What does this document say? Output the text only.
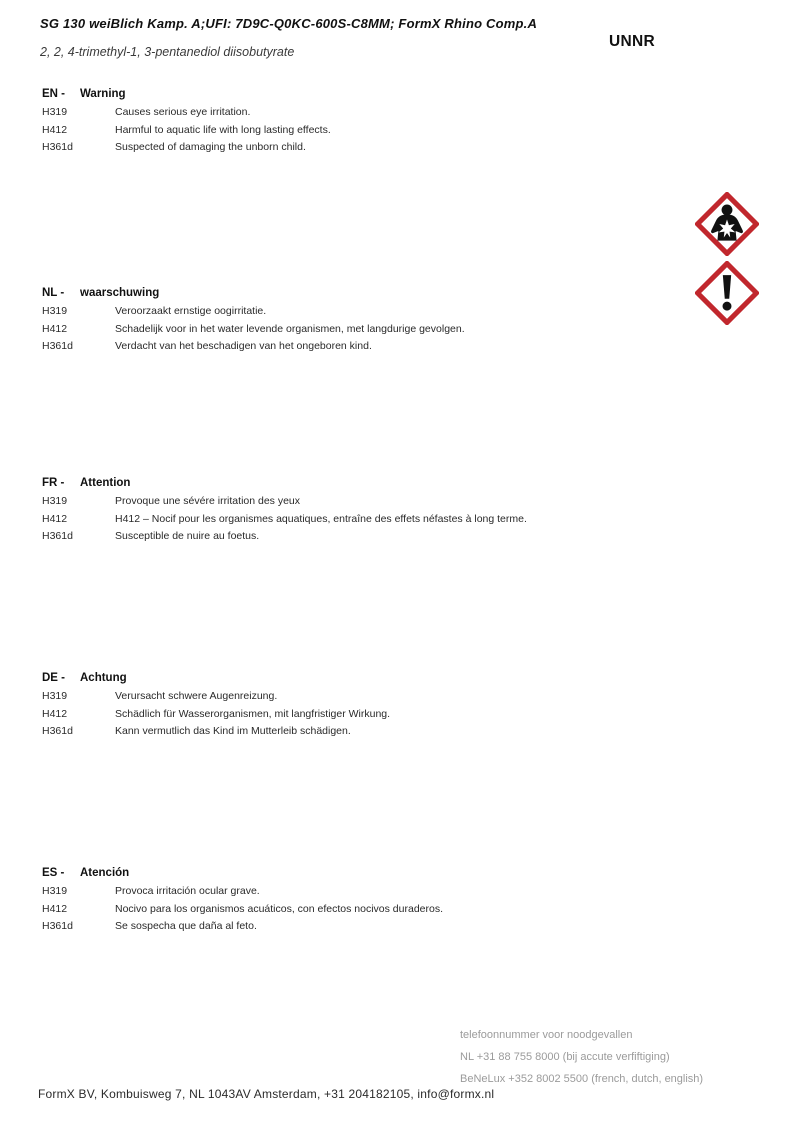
SG 130 weiBlich Kamp. A;UFI: 7D9C-Q0KC-600S-C8MM; FormX Rhino Comp.A
2, 2, 4-trimethyl-1, 3-pentanediol diisobutyrate
UNNR
EN -	Warning
H319	Causes serious eye irritation.
H412	Harmful to aquatic life with long lasting effects.
H361d	Suspected of damaging the unborn child.
NL -	waarschuwing
H319	Veroorzaakt ernstige oogirritatie.
H412	Schadelijk voor in het water levende organismen, met langdurige gevolgen.
H361d	Verdacht van het beschadigen van het ongeboren kind.
FR -	Attention
H319	Provoque une sévére irritation des yeux
H412	H412 – Nocif pour les organismes aquatiques, entraîne des effets néfastes à long terme.
H361d	Susceptible de nuire au foetus.
DE -	Achtung
H319	Verursacht schwere Augenreizung.
H412	Schädlich für Wasserorganismen, mit langfristiger Wirkung.
H361d	Kann vermutlich das Kind im Mutterleib schädigen.
ES -	Atención
H319	Provoca irritación ocular grave.
H412	Nocivo para los organismos acuáticos, con efectos nocivos duraderos.
H361d	Se sospecha que daña al feto.
telefoonnummer voor noodgevallen
NL +31 88 755 8000 (bij accute verfiftiging)
BeNeLux +352 8002 5500 (french, dutch, english)
FormX BV, Kombuisweg 7, NL 1043AV Amsterdam, +31 204182105, info@formx.nl
